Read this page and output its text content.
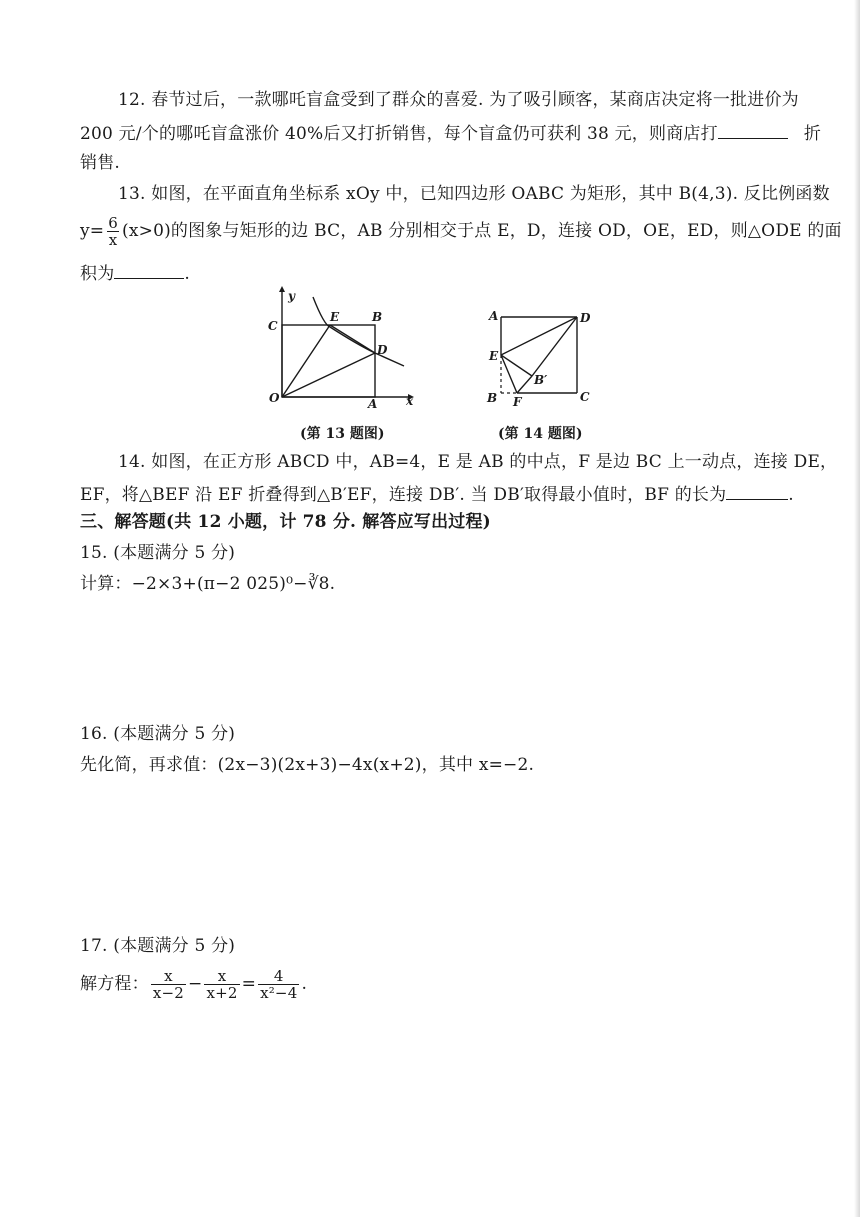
12. 春节过后，一款哪吒盲盒受到了群众的喜爱. 为了吸引顾客，某商店决定将一批进价为
200 元/个的哪吒盲盒涨价 40%后又打折销售，每个盲盒仍可获利 38 元，则商店打	折
销售.
13. 如图，在平面直角坐标系 xOy 中，已知四边形 OABC 为矩形，其中 B(4,3). 反比例函数
$y= \frac{6}{x} (x>0)$的图象与矩形的边 BC，AB 分别相交于点 E，D，连接 OD，OE，ED，则△ODE 的面
积为	.
y
x
C
E	B
D
O	A
(第 13 题图)
A	D
E
B′
B F	C
(第 14 题图)
14. 如图，在正方形 ABCD 中，AB=4，E 是 AB 的中点，F 是边 BC 上一动点，连接 DE，
EF，将△BEF 沿 EF 折叠得到△B′EF，连接 DB′. 当 DB′取得最小值时，BF 的长为	.
三、解答题(共 12 小题，计 78 分. 解答应写出过程)
15. (本题满分 5 分)
计算：−2×3+(π−2 025)⁰−∛8.
16. (本题满分 5 分)
先化简，再求值：(2x−3)(2x+3)−4x(x+2)，其中 x=−2.
17. (本题满分 5 分)
解方程： $\frac{x}{x-2} - \frac{x}{x+2} = \frac{4}{\text{x²−4}}$ .
